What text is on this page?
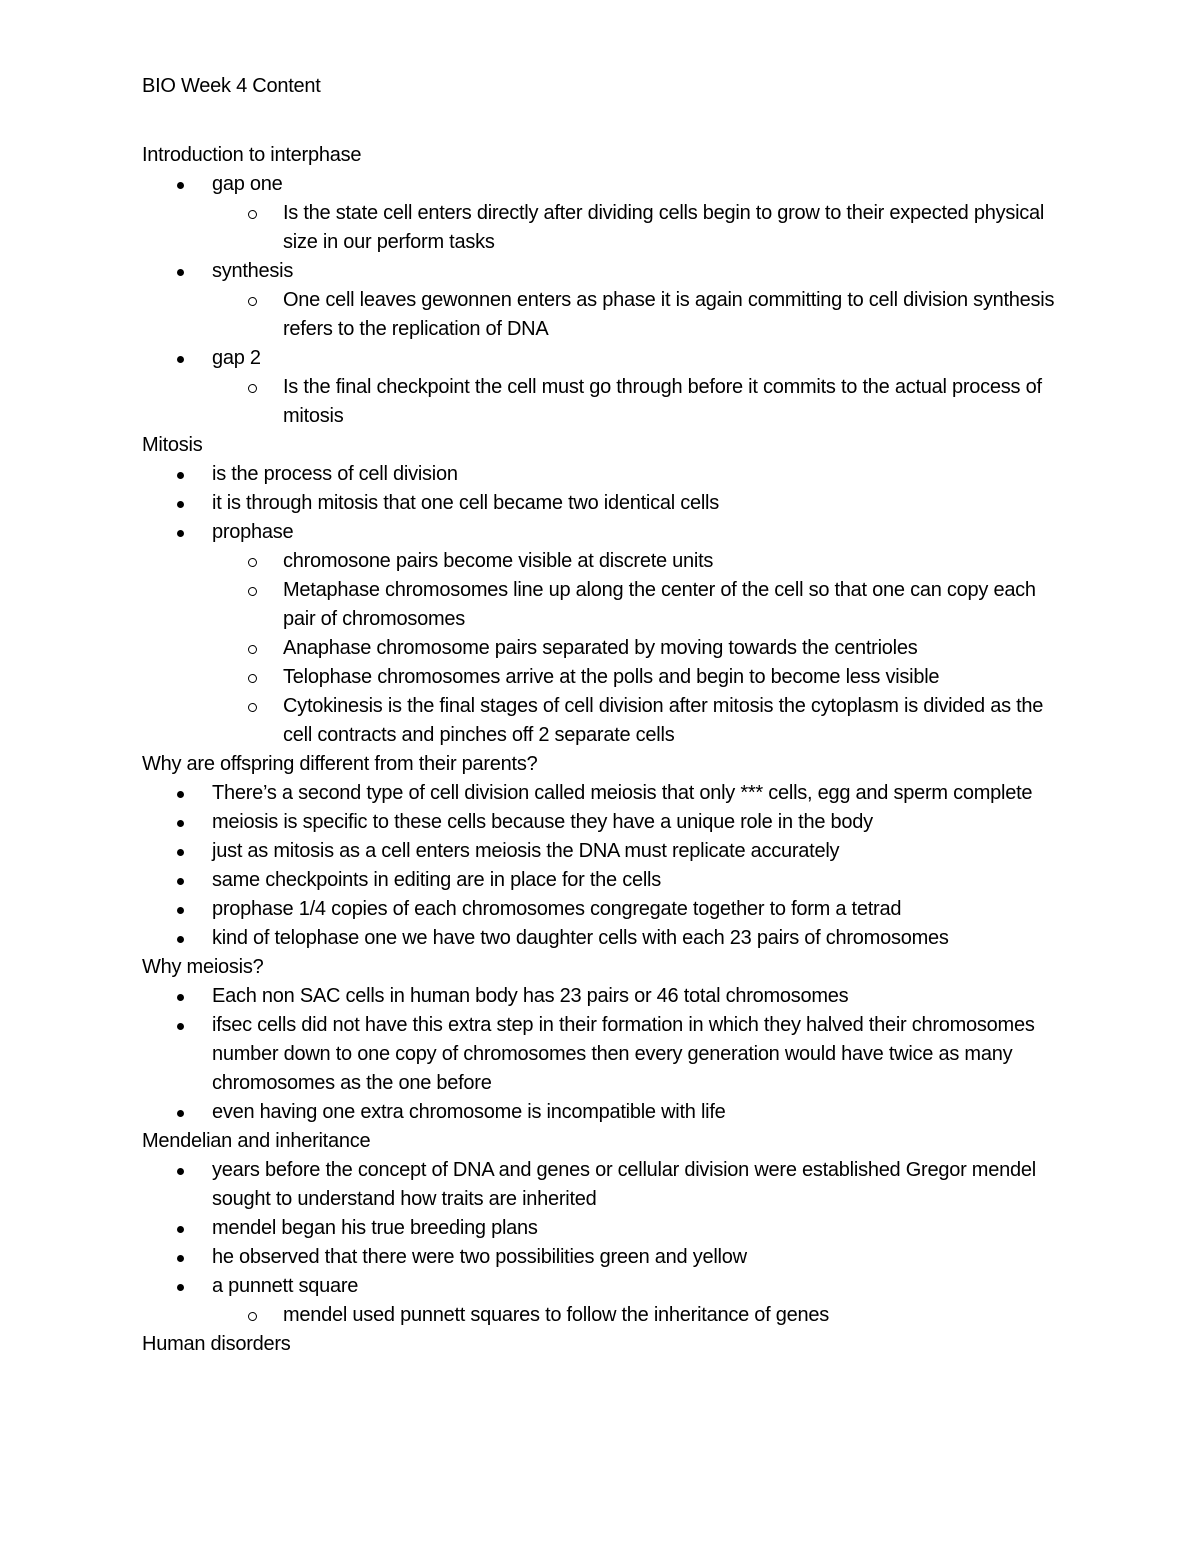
BIO Week 4 Content
Introduction to interphase
gap one
Is the state cell enters directly after dividing cells begin to grow to their expected physical size in our perform tasks
synthesis
One cell leaves gewonnen enters as phase it is again committing to cell division synthesis refers to the replication of DNA
gap 2
Is the final checkpoint the cell must go through before it commits to the actual process of mitosis
Mitosis
is the process of cell division
it is through mitosis that one cell became two identical cells
prophase
chromosone pairs become visible at discrete units
Metaphase chromosomes line up along the center of the cell so that one can copy each pair of chromosomes
Anaphase chromosome pairs separated by moving towards the centrioles
Telophase chromosomes arrive at the polls and begin to become less visible
Cytokinesis is the final stages of cell division after mitosis the cytoplasm is divided as the cell contracts and pinches off 2 separate cells
Why are offspring different from their parents?
There’s a second type of cell division called meiosis that only *** cells, egg and sperm complete
meiosis is specific to these cells because they have a unique role in the body
just as mitosis as a cell enters meiosis the DNA must replicate accurately
same checkpoints in editing are in place for the cells
prophase 1/4 copies of each chromosomes congregate together to form a tetrad
kind of telophase one we have two daughter cells with each 23 pairs of chromosomes
Why meiosis?
Each non SAC cells in human body has 23 pairs or 46 total chromosomes
ifsec cells did not have this extra step in their formation in which they halved their chromosomes number down to one copy of chromosomes then every generation would have twice as many chromosomes as the one before
even having one extra chromosome is incompatible with life
Mendelian and inheritance
years before the concept of DNA and genes or cellular division were established Gregor mendel sought to understand how traits are inherited
mendel began his true breeding plans
he observed that there were two possibilities green and yellow
a punnett square
mendel used punnett squares to follow the inheritance of genes
Human disorders
